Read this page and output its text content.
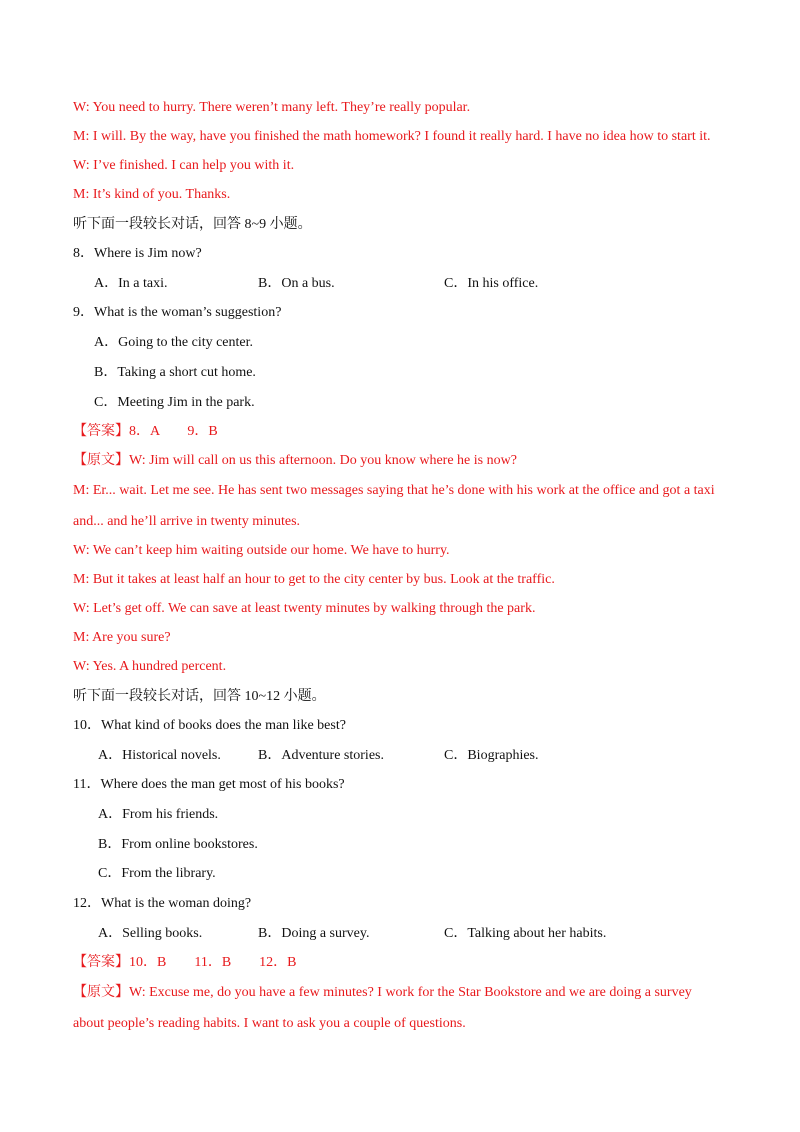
W: You need to hurry. There weren’t many left. They’re really popular.
M: I will. By the way, have you finished the math homework? I found it really hard. I have no idea how to start it.
W: I’ve finished. I can help you with it.
M: It’s kind of you. Thanks.
听下面一段较长对话，回答 8~9 小题。
8．Where is Jim now?
A．In a taxi.	B．On a bus.	C．In his office.
9．What is the woman’s suggestion?
A．Going to the city center.
B．Taking a short cut home.
C．Meeting Jim in the park.
【答案】8．A　　9．B
【原文】W: Jim will call on us this afternoon. Do you know where he is now?
M: Er... wait. Let me see. He has sent two messages saying that he’s done with his work at the office and got a taxi
and... and he’ll arrive in twenty minutes.
W: We can’t keep him waiting outside our home. We have to hurry.
M: But it takes at least half an hour to get to the city center by bus. Look at the traffic.
W: Let’s get off. We can save at least twenty minutes by walking through the park.
M: Are you sure?
W: Yes. A hundred percent.
听下面一段较长对话，回答 10~12 小题。
10．What kind of books does the man like best?
A．Historical novels.	B．Adventure stories.	C．Biographies.
11．Where does the man get most of his books?
A．From his friends.
B．From online bookstores.
C．From the library.
12．What is the woman doing?
A．Selling books.	B．Doing a survey.	C．Talking about her habits.
【答案】10．B　　11．B　　12．B
【原文】W: Excuse me, do you have a few minutes? I work for the Star Bookstore and we are doing a survey
about people’s reading habits. I want to ask you a couple of questions.
